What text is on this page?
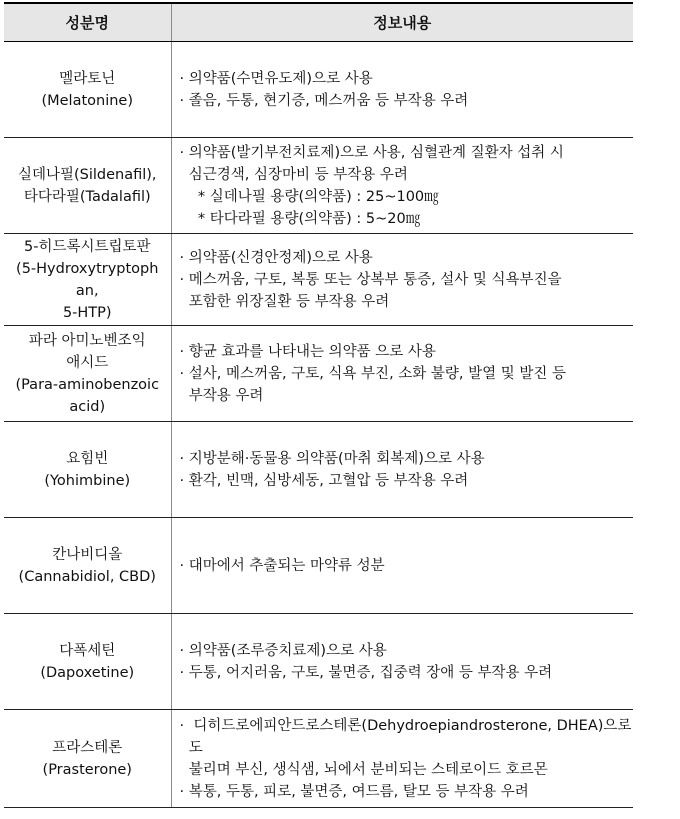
성분명	정보내용

멜라토닌
(Melatonine)	· 의약품(수면유도제)으로 사용
· 졸음, 두통, 현기증, 메스꺼움 등 부작용 우려

실데나필(Sildenafil),
타다라필(Tadalafil)	· 의약품(발기부전치료제)으로 사용, 심혈관계 질환자 섭취 시
심근경색, 심장마비 등 부작용 우려
* 실데나필 용량(의약품) : 25~100㎎
* 타다라필 용량(의약품) : 5~20㎎

5-히드록시트립토판
(5-Hydroxytryptoph
an,
5-HTP)	· 의약품(신경안정제)으로 사용
· 메스꺼움, 구토, 복통 또는 상복부 통증, 설사 및 식욕부진을
포함한 위장질환 등 부작용 우려

파라 아미노벤조익
애시드
(Para-aminobenzoic
acid)	· 향균 효과를 나타내는 의약품 으로 사용
· 설사, 메스꺼움, 구토, 식욕 부진, 소화 불량, 발열 및 발진 등
부작용 우려

요힘빈
(Yohimbine)	· 지방분해·동물용 의약품(마취 회복제)으로 사용
· 환각, 빈맥, 심방세동, 고혈압 등 부작용 우려

칸나비디올
(Cannabidiol, CBD)	· 대마에서 추출되는 마약류 성분

다폭세틴
(Dapoxetine)	· 의약품(조루증치료제)으로 사용
· 두통, 어지러움, 구토, 불면증, 집중력 장애 등 부작용 우려

프라스테론
(Prasterone)	·  디히드로에피안드로스테론(Dehydroepiandrosterone, DHEA)으로
도
불리며 부신, 생식샘, 뇌에서 분비되는 스테로이드 호르몬
· 복통, 두통, 피로, 불면증, 여드름, 탈모 등 부작용 우려
